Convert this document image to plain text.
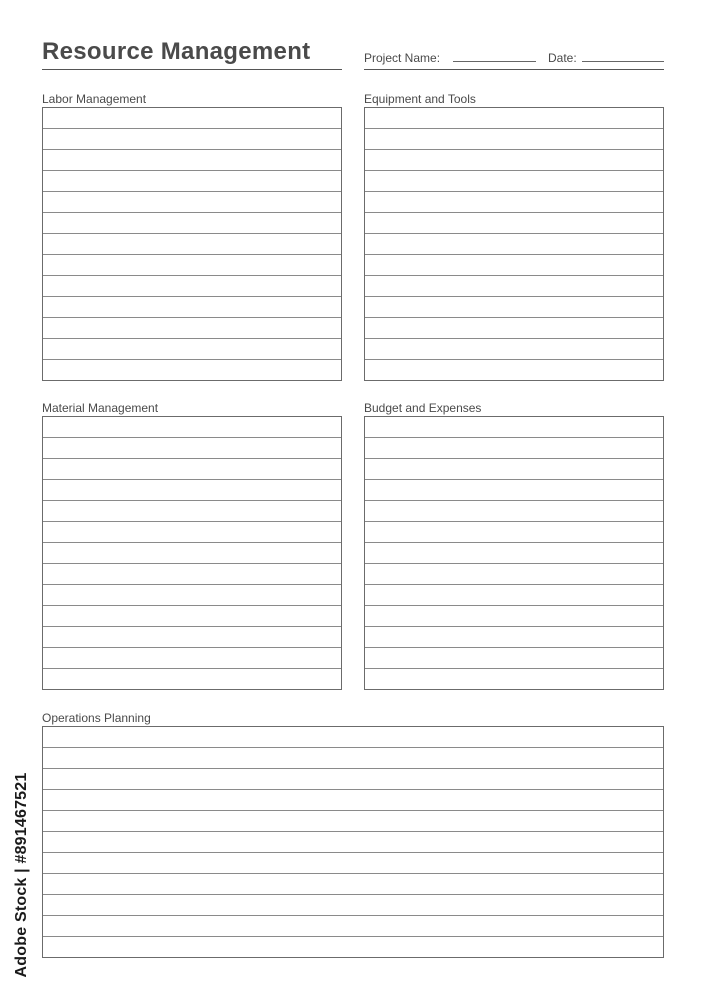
Resource Management	Project Name:	Date:
Labor Management	Equipment and Tools
Material Management	Budget and Expenses
Operations Planning
Adobe Stock | #891467521
